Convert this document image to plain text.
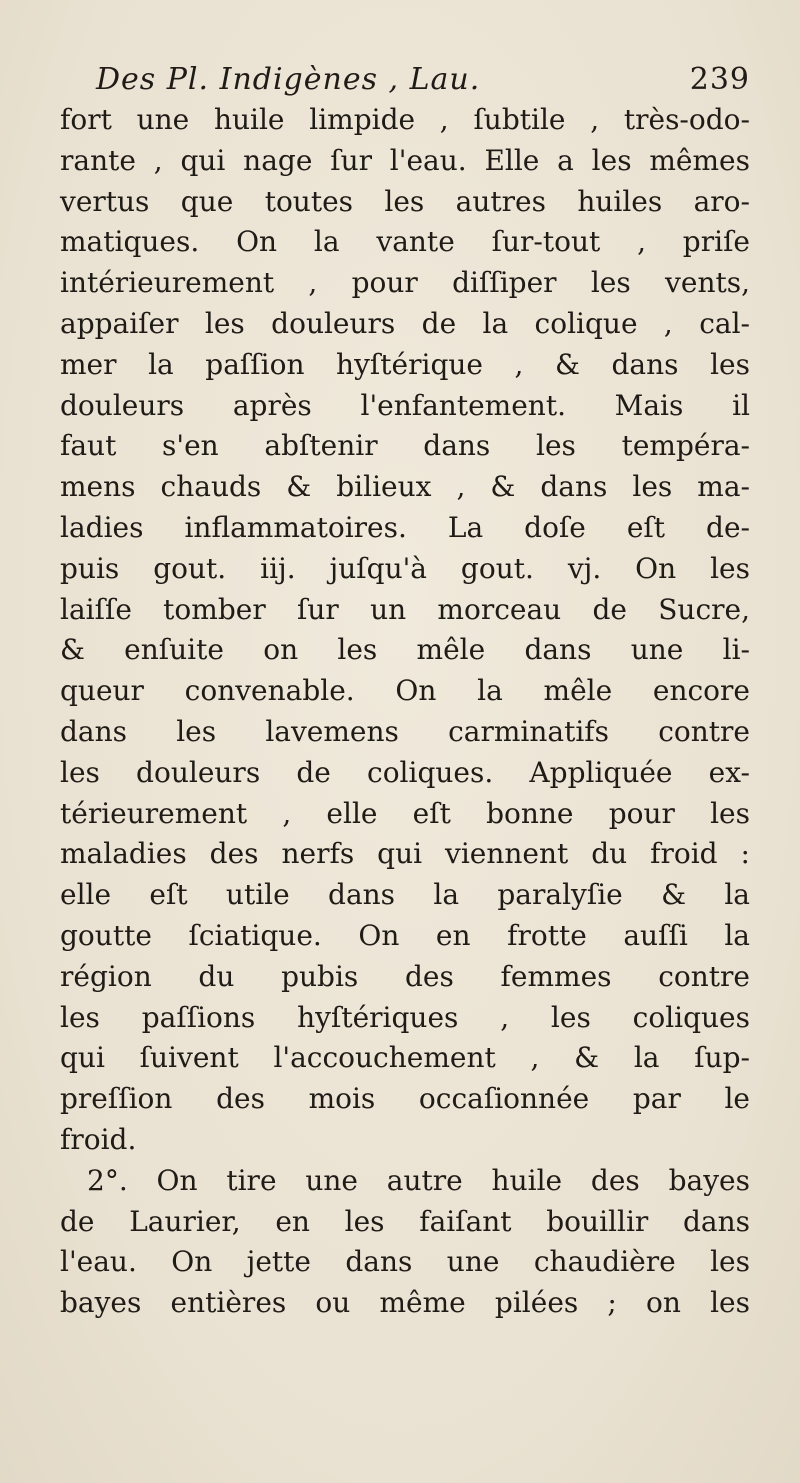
Des Pl. Indigènes , Lau.	239
fort une huile limpide , ſubtile , très-odo-
rante , qui nage ſur l'eau. Elle a les mêmes
vertus que toutes les autres huiles aro-
matiques. On la vante ſur-tout , priſe
intérieurement , pour diſſiper les vents,
appaiſer les douleurs de la colique , cal-
mer la paſſion hyſtérique , & dans les
douleurs après l'enfantement. Mais il
faut s'en abſtenir dans les tempéra-
mens chauds & bilieux , & dans les ma-
ladies inflammatoires. La doſe eſt de-
puis gout. iij. juſqu'à gout. vj. On les
laiſſe tomber ſur un morceau de Sucre,
& enſuite on les mêle dans une li-
queur convenable. On la mêle encore
dans les lavemens carminatifs contre
les douleurs de coliques. Appliquée ex-
térieurement , elle eſt bonne pour les
maladies des nerfs qui viennent du froid :
elle eſt utile dans la paralyſie & la
goutte ſciatique. On en frotte auſſi la
région du pubis des femmes contre
les paſſions hyſtériques , les coliques
qui ſuivent l'accouchement , & la ſup-
preſſion des mois occaſionnée par le
froid.
2°. On tire une autre huile des bayes
de Laurier, en les faiſant bouillir dans
l'eau. On jette dans une chaudière les
bayes entières ou même pilées ; on les
